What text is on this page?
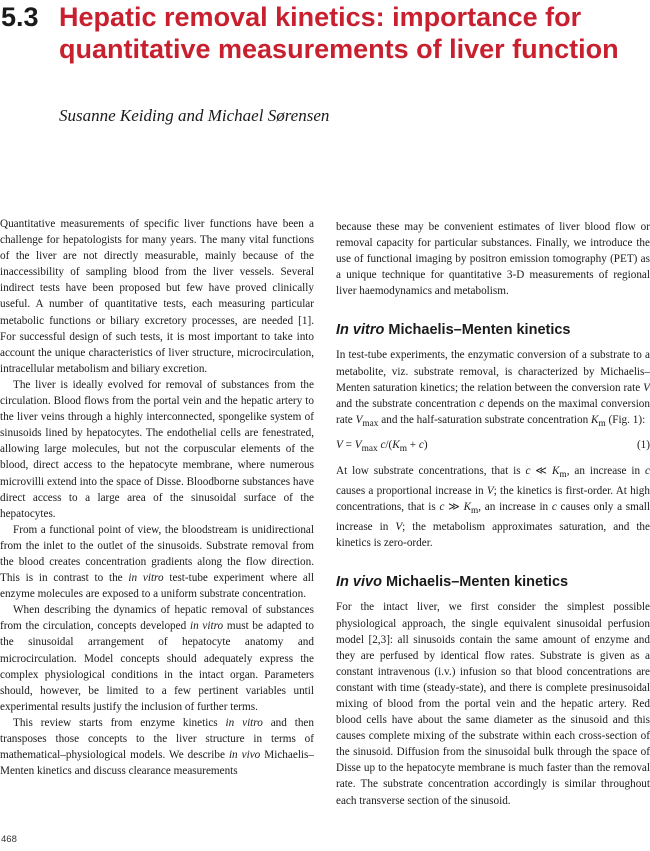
5.3 Hepatic removal kinetics: importance for quantitative measurements of liver function

Susanne Keiding and Michael Sørensen

Quantitative measurements of specific liver functions have been a challenge for hepatologists for many years. The many vital functions of the liver are not directly measurable, mainly because of the inaccessibility of sampling blood from the liver vessels. Several indirect tests have been proposed but few have proved clinically useful. A number of quantitative tests, each measuring particular metabolic functions or biliary excretory processes, are needed [1]. For successful design of such tests, it is most important to take into account the unique characteristics of liver structure, microcirculation, intracellular metabolism and biliary excretion.

The liver is ideally evolved for removal of substances from the circulation. Blood flows from the portal vein and the hepatic artery to the liver veins through a highly interconnected, spongelike system of sinusoids lined by hepatocytes. The endothelial cells are fenestrated, allowing large molecules, but not the corpuscular elements of the blood, direct access to the hepatocyte membrane, where numerous microvilli extend into the space of Disse. Bloodborne substances have direct access to a large area of the sinusoidal surface of the hepatocytes.

From a functional point of view, the bloodstream is unidirectional from the inlet to the outlet of the sinusoids. Substrate removal from the blood creates concentration gradients along the flow direction. This is in contrast to the in vitro test-tube experiment where all enzyme molecules are exposed to a uniform substrate concentration.

When describing the dynamics of hepatic removal of substances from the circulation, concepts developed in vitro must be adapted to the sinusoidal arrangement of hepatocyte anatomy and microcirculation. Model concepts should adequately express the complex physiological conditions in the intact organ. Parameters should, however, be limited to a few pertinent variables until experimental results justify the inclusion of further terms.

This review starts from enzyme kinetics in vitro and then transposes those concepts to the liver structure in terms of mathematical–physiological models. We describe in vivo Michaelis–Menten kinetics and discuss clearance measurements

because these may be convenient estimates of liver blood flow or removal capacity for particular substances. Finally, we introduce the use of functional imaging by positron emission tomography (PET) as a unique technique for quantitative 3-D measurements of regional liver haemodynamics and metabolism.

In vitro Michaelis–Menten kinetics

In test-tube experiments, the enzymatic conversion of a substrate to a metabolite, viz. substrate removal, is characterized by Michaelis–Menten saturation kinetics; the relation between the conversion rate V and the substrate concentration c depends on the maximal conversion rate $V_{max}$ and the half-saturation substrate concentration $K_m$ (Fig. 1):

$V = V_{max}$ $c/(K_m + c)$	(1)

At low substrate concentrations, that is c ≪ $K_m$, an increase in c causes a proportional increase in V; the kinetics is first-order. At high concentrations, that is c ≫ $K_m$, an increase in c causes only a small increase in V; the metabolism approximates saturation, and the kinetics is zero-order.

In vivo Michaelis–Menten kinetics

For the intact liver, we first consider the simplest possible physiological approach, the single equivalent sinusoidal perfusion model [2,3]: all sinusoids contain the same amount of enzyme and they are perfused by identical flow rates. Substrate is given as a constant intravenous (i.v.) infusion so that blood concentrations are constant with time (steady-state), and there is complete presinusoidal mixing of blood from the portal vein and the hepatic artery. Red blood cells have about the same diameter as the sinusoid and this causes complete mixing of the substrate within each cross-section of the sinusoid. Diffusion from the sinusoidal bulk through the space of Disse up to the hepatocyte membrane is much faster than the removal rate. The substrate concentration accordingly is similar throughout each transverse section of the sinusoid.

468
